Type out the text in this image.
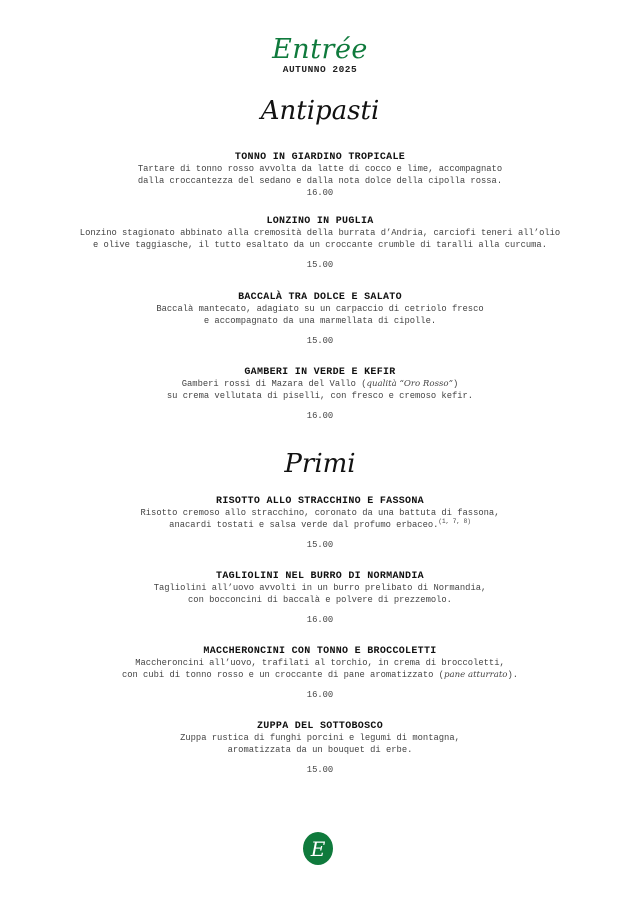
Entrée
AUTUNNO 2025
Antipasti
TONNO IN GIARDINO TROPICALE
Tartare di tonno rosso avvolta da latte di cocco e lime, accompagnato
dalla croccantezza del sedano e dalla nota dolce della cipolla rossa.
16.00
LONZINO IN PUGLIA
Lonzino stagionato abbinato alla cremosità della burrata d’Andria, carciofi teneri all’olio
e olive taggiasche, il tutto esaltato da un croccante crumble di taralli alla curcuma.
15.00
BACCALÀ TRA DOLCE E SALATO
Baccalà mantecato, adagiato su un carpaccio di cetriolo fresco
e accompagnato da una marmellata di cipolle.
15.00
GAMBERI IN VERDE E KEFIR
Gamberi rossi di Mazara del Vallo (qualità “Oro Rosso”)
su crema vellutata di piselli, con fresco e cremoso kefir.
16.00
Primi
RISOTTO ALLO STRACCHINO E FASSONA
Risotto cremoso allo stracchino, coronato da una battuta di fassona,
anacardi tostati e salsa verde dal profumo erbaceo.$^{(1, 7, 8)}$
15.00
TAGLIOLINI NEL BURRO DI NORMANDIA
Tagliolini all’uovo avvolti in un burro prelibato di Normandia,
con bocconcini di baccalà e polvere di prezzemolo.
16.00
MACCHERONCINI CON TONNO E BROCCOLETTI
Maccheroncini all’uovo, trafilati al torchio, in crema di broccoletti,
con cubi di tonno rosso e un croccante di pane aromatizzato (pane atturrato).
16.00
ZUPPA DEL SOTTOBOSCO
Zuppa rustica di funghi porcini e legumi di montagna,
aromatizzata da un bouquet di erbe.
15.00
E
